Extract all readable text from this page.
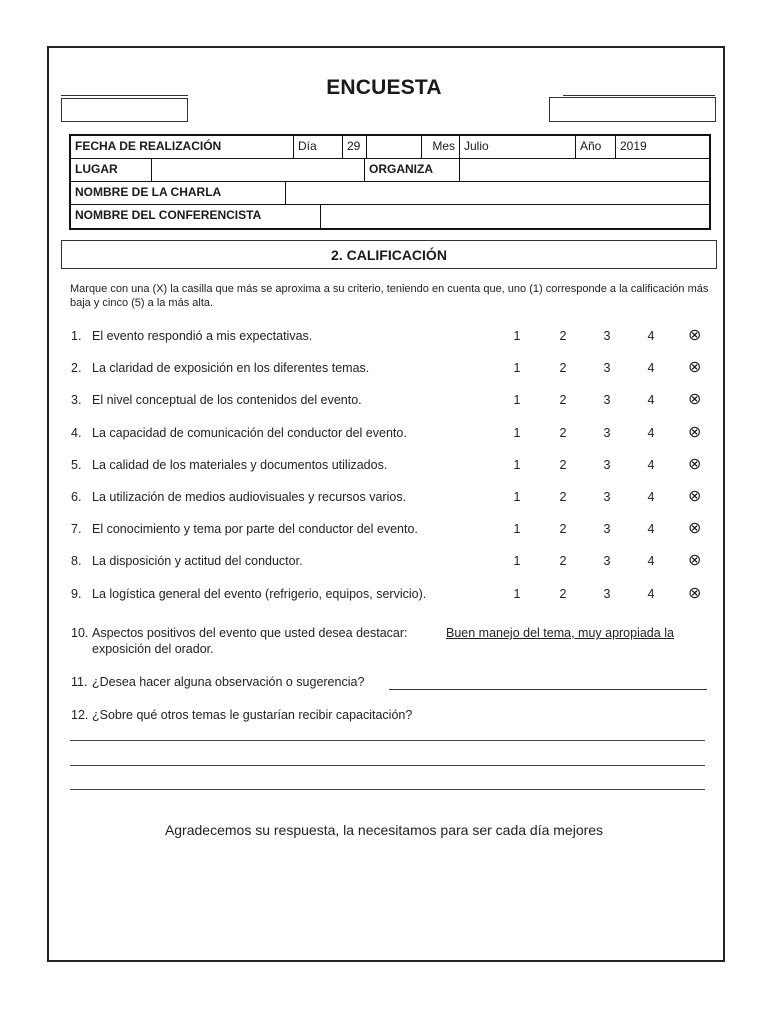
ENCUESTA
FECHA DE REALIZACIÓN	Día	29	Mes Julio	Año	2019
LUGAR	ORGANIZA
NOMBRE DE LA CHARLA
NOMBRE DEL CONFERENCISTA
2. CALIFICACIÓN
Marque con una (X) la casilla que más se aproxima a su criterio, teniendo en cuenta que, uno (1) corresponde a la calificación más baja y cinco (5) a la más alta.
1. El evento respondió a mis expectativas.	1	2	3	4	⊗
2. La claridad de exposición en los diferentes temas.	1	2	3	4	⊗
3. El nivel conceptual de los contenidos del evento.	1	2	3	4	⊗
4. La capacidad de comunicación del conductor del evento.	1	2	3	4	⊗
5. La calidad de los materiales y documentos utilizados.	1	2	3	4	⊗
6. La utilización de medios audiovisuales y recursos varios.	1	2	3	4	⊗
7. El conocimiento y tema por parte del conductor del evento.	1	2	3	4	⊗
8. La disposición y actitud del conductor.	1	2	3	4	⊗
9. La logística general del evento (refrigerio, equipos, servicio).	1	2	3	4	⊗
10. Aspectos positivos del evento que usted desea destacar:	Buen manejo del tema, muy apropiada la
exposición del orador.
11. ¿Desea hacer alguna observación o sugerencia?
12. ¿Sobre qué otros temas le gustarían recibir capacitación?
Agradecemos su respuesta, la necesitamos para ser cada día mejores
